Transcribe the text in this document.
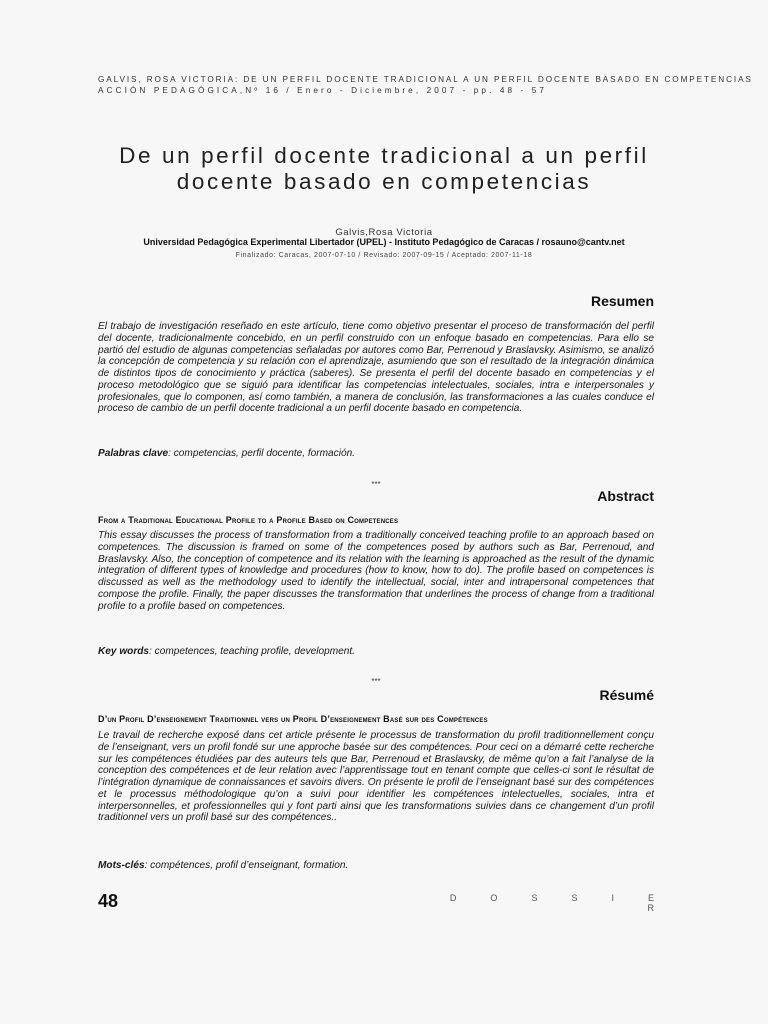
GALVIS, ROSA VICTORIA: DE UN PERFIL DOCENTE TRADICIONAL A UN PERFIL DOCENTE BASADO EN COMPETENCIAS
ACCIÓN PEDAGÓGICA,Nº 16 / Enero - Diciembre, 2007 - pp. 48 - 57
De un perfil docente tradicional a un perfil
docente basado en competencias
Galvis,Rosa Victoria
Universidad Pedagógica Experimental Libertador (UPEL) - Instituto Pedagógico de Caracas / rosauno@cantv.net
Finalizado: Caracas, 2007-07-10 / Revisado: 2007-09-15 / Aceptado: 2007-11-18
Resumen
El trabajo de investigación reseñado en este artículo, tiene como objetivo presentar el proceso de transformación del perfil del docente, tradicionalmente concebido, en un perfil construido con un enfoque basado en competencias. Para ello se partió del estudio de algunas competencias señaladas por autores como Bar, Perrenoud y Braslavsky. Asimismo, se analizó la concepción de competencia y su relación con el aprendizaje, asumiendo que son el resultado de la integración dinámica de distintos tipos de conocimiento y práctica (saberes). Se presenta el perfil del docente basado en competencias y el proceso metodológico que se siguió para identificar las competencias intelectuales, sociales, intra e interpersonales y profesionales, que lo componen, así como también, a manera de conclusión, las transformaciones a las cuales conduce el proceso de cambio de un perfil docente tradicional a un perfil docente basado en competencia.
Palabras clave: competencias, perfil docente, formación.
***
Abstract
From a Traditional Educational Profile to a Profile Based on Competences
This essay discusses the process of transformation from a traditionally conceived teaching profile to an approach based on competences. The discussion is framed on some of the competences posed by authors such as Bar, Perrenoud, and Braslavsky. Also, the conception of competence and its relation with the learning is approached as the result of the dynamic integration of different types of knowledge and procedures (how to know, how to do). The profile based on competences is discussed as well as the methodology used to identify the intellectual, social, inter and intrapersonal competences that compose the profile. Finally, the paper discusses the transformation that underlines the process of change from a traditional profile to a profile based on competences.
Key words: competences, teaching profile, development.
***
Résumé
D’un Profil D’enseignement Traditionnel vers un Profil D’enseignement Basé sur des Compétences
Le travail de recherche exposé dans cet article présente le processus de transformation du profil traditionnellement conçu de l’enseignant, vers un profil fondé sur une approche basée sur des compétences. Pour ceci on a démarré cette recherche sur les compétences étudiées par des auteurs tels que Bar, Perrenoud et Braslavsky, de même qu’on a fait l’analyse de la conception des compétences et de leur relation avec l’apprentissage tout en tenant compte que celles-ci sont le résultat de l’intégration dynamique de connaissances et savoirs divers. On présente le profil de l’enseignant basé sur des compétences et le processus méthodologique qu’on a suivi pour identifier les compétences intelectuelles, sociales, intra et interpersonnelles, et professionnelles qui y font parti ainsi que les transformations suivies dans ce changement d’un profil traditionnel vers un profil basé sur des compétences..
Mots-clés: compétences, profil d’enseignant, formation.
48	D	O	S	S	I	ER
